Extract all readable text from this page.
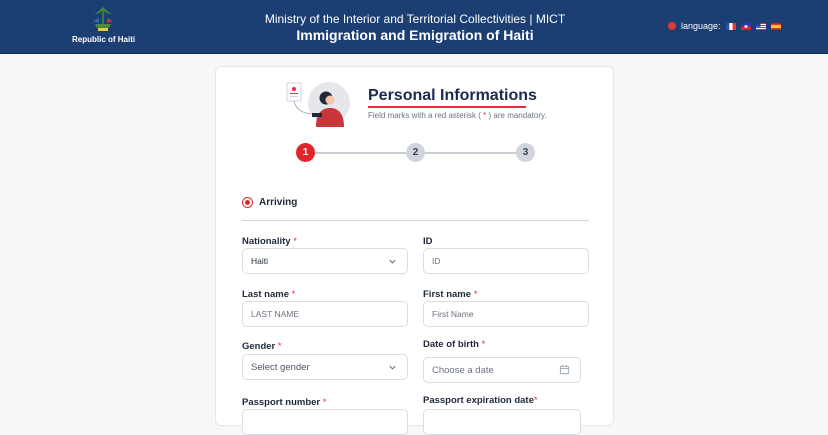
Republic of Haiti
Ministry of the Interior and Territorial Collectivities | MICT
Immigration and Emigration of Haiti
language:
Personal Informations
Field marks with a red asterisk ( * ) are mandatory.
1	2	3
Arriving
Nationality *
Haiti
ID
ID
Last name *
LAST NAME
First name *
First Name
Gender *
Select gender
Date of birth *
Choose a date
Passport number *	Passport expiration date*
